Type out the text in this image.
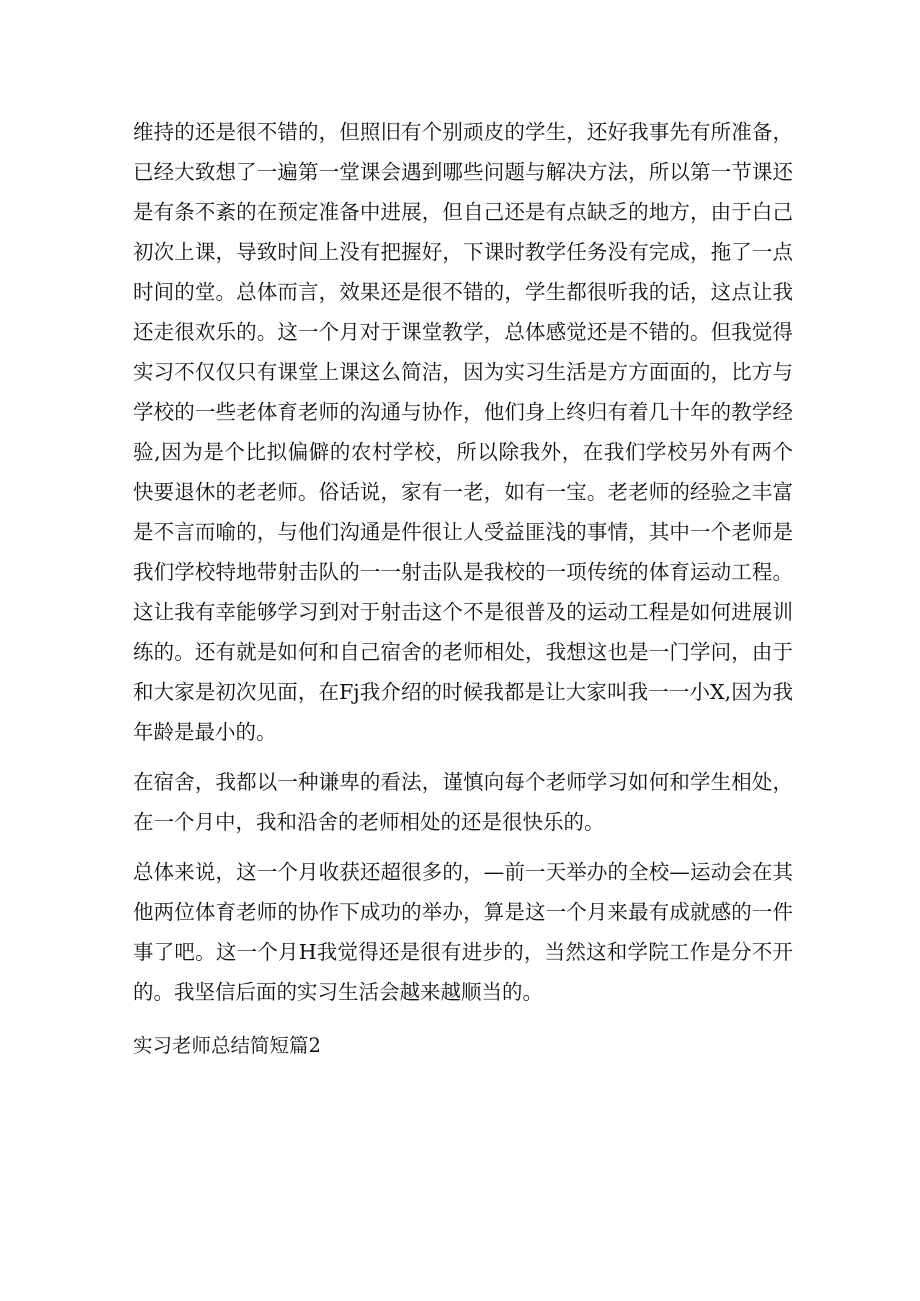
维持的还是很不错的，但照旧有个别顽皮的学生，还好我事先有所准备，已经大致想了一遍第一堂课会遇到哪些问题与解决方法，所以第一节课还是有条不紊的在预定准备中进展，但自己还是有点缺乏的地方，由于白己初次上课，导致时间上没有把握好，下课时教学任务没有完成，拖了一点时间的堂。总体而言，效果还是很不错的，学生都很听我的话，这点让我还走很欢乐的。这一个月对于课堂教学，总体感觉还是不错的。但我觉得实习不仅仅只有课堂上课这么简洁，因为实习生活是方方面面的，比方与学校的一些老体育老师的沟通与协作，他们身上终归有着几十年的教学经验,因为是个比拟偏僻的农村学校，所以除我外，在我们学校另外有两个快要退休的老老师。俗话说，家有一老，如有一宝。老老师的经验之丰富是不言而喻的，与他们沟通是件很让人受益匪浅的事情，其中一个老师是我们学校特地带射击队的一一射击队是我校的一项传统的体育运动工程。这让我有幸能够学习到对于射击这个不是很普及的运动工程是如何进展训练的。还有就是如何和自己宿舍的老师相处，我想这也是一门学问，由于和大家是初次见面，在Fj我介绍的时候我都是让大家叫我一一小X,因为我年龄是最小的。

在宿舍，我都以一种谦卑的看法，谨慎向每个老师学习如何和学生相处，在一个月中，我和沿舍的老师相处的还是很快乐的。

总体来说，这一个月收获还超很多的，—前一天举办的全校—运动会在其他两位体育老师的协作下成功的举办，算是这一个月来最有成就感的一件事了吧。这一个月H我觉得还是很有进步的，当然这和学院工作是分不开的。我坚信后面的实习生活会越来越顺当的。

实习老师总结简短篇2
